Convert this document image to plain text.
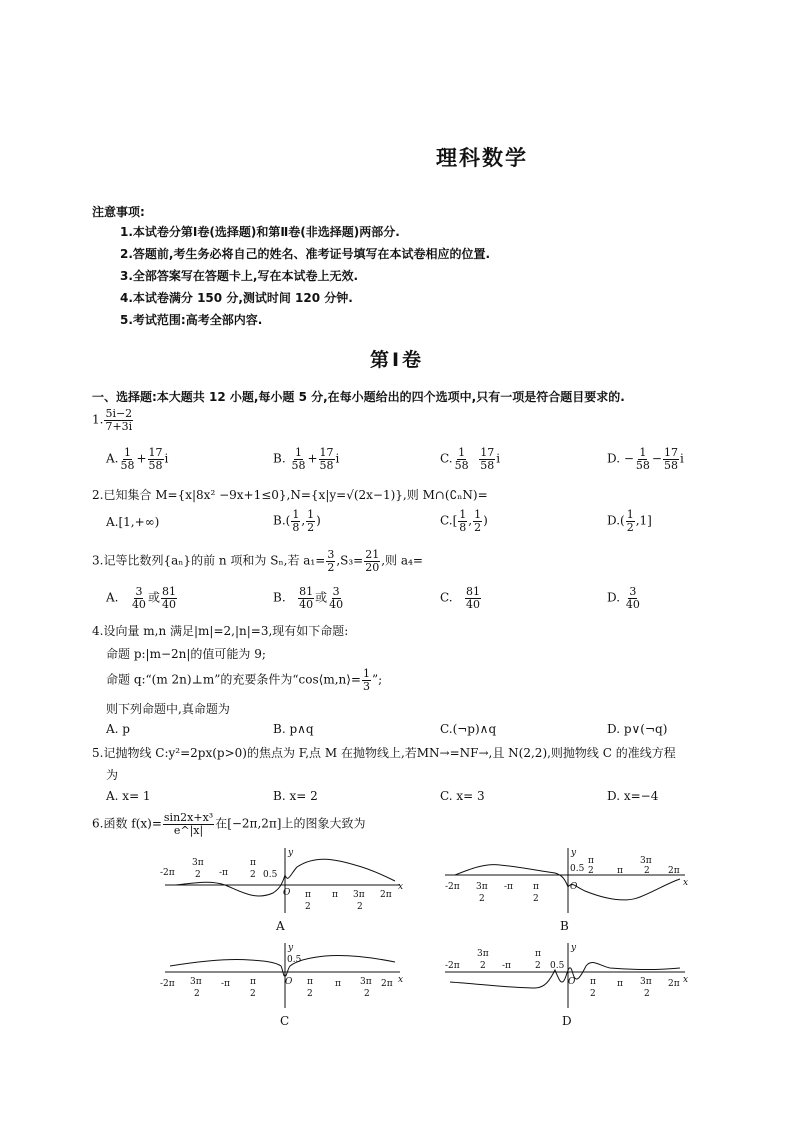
理科数学
注意事项:
1.本试卷分第Ⅰ卷(选择题)和第Ⅱ卷(非选择题)两部分.
2.答题前,考生务必将自己的姓名、准考证号填写在本试卷相应的位置.
3.全部答案写在答题卡上,写在本试卷上无效.
4.本试卷满分 150 分,测试时间 120 分钟.
5.考试范围:高考全部内容.
第Ⅰ卷
一、选择题:本大题共 12 小题,每小题 5 分,在每小题给出的四个选项中,只有一项是符合题目要求的.
1. $\frac{5i-2}{7+3i}$
A. $\frac{1}{58} + \frac{17}{58}$ i	B. $\frac{1}{58} + \frac{17}{58}$ i	C. $\frac{1}{58}$
$\frac{17}{58}$ i	D. − $\frac{1}{58} - \frac{17}{58}$ i
2.已知集合 M={x|8x² −9x+1≤0},N={x|y=√(2x−1)},则 M∩(∁ₙN)=
A.[1,+∞)	$B.( \frac{1}{8}$ , $\frac{1}{2}$ )	$C.[ \frac{1}{8}$ , $\frac{1}{2}$ )	$D.( \frac{1}{2} ,1]$
3.记等比数列{aₙ}的前 n 项和为 Sₙ,若 $a_1= \frac{3}{2} ,S_3= \frac{21}{20}$ ,则 a₄=
A. $\frac{3}{40}$ 或 $\frac{81}{40}$	B. $\frac{81}{40}$ 或 $\frac{3}{40}$	C. $\frac{81}{40}$	D. $\frac{3}{40}$
4.设向量 m,n 满足|m|=2,|n|=3,现有如下命题:
命题 p:|m−2n|的值可能为 9;
命题 q:“(m 2n)⊥m”的充要条件为“cos⟨m,n⟩= $\frac{1}{3}$ ”;
则下列命题中,真命题为
A. p	B. p∧q	C.(¬p)∧q	D. p∨(¬q)
5.记抛物线 C:y²=2px(p>0)的焦点为 F,点 M 在抛物线上,若MN→=NF→,且 N(2,2),则抛物线 C 的准线方程
为
A. x= 1	B. x= 2	C. x= 3	D. x=−4
6.函数 $f(x)= \frac{\text{sin2x+x³}}{e\^{}|x|}$ 在[−2π,2π]上的图象大致为
-2π
3π
2 -π
π
2 0.5
O
y
x
π
2
π 3π
2
2π
A
-2π 3π
2
-π π
2
0.5
O
y
x
π
2	π
3π
2 2π
B
-2π 3π
2
-π π
2
0.5
O
y
x
π
2
π 3π
2
2π
C
-2π
3π
2 -π
π
2 0.5
O
y
x
π
2
π 3π
2
2π
D
